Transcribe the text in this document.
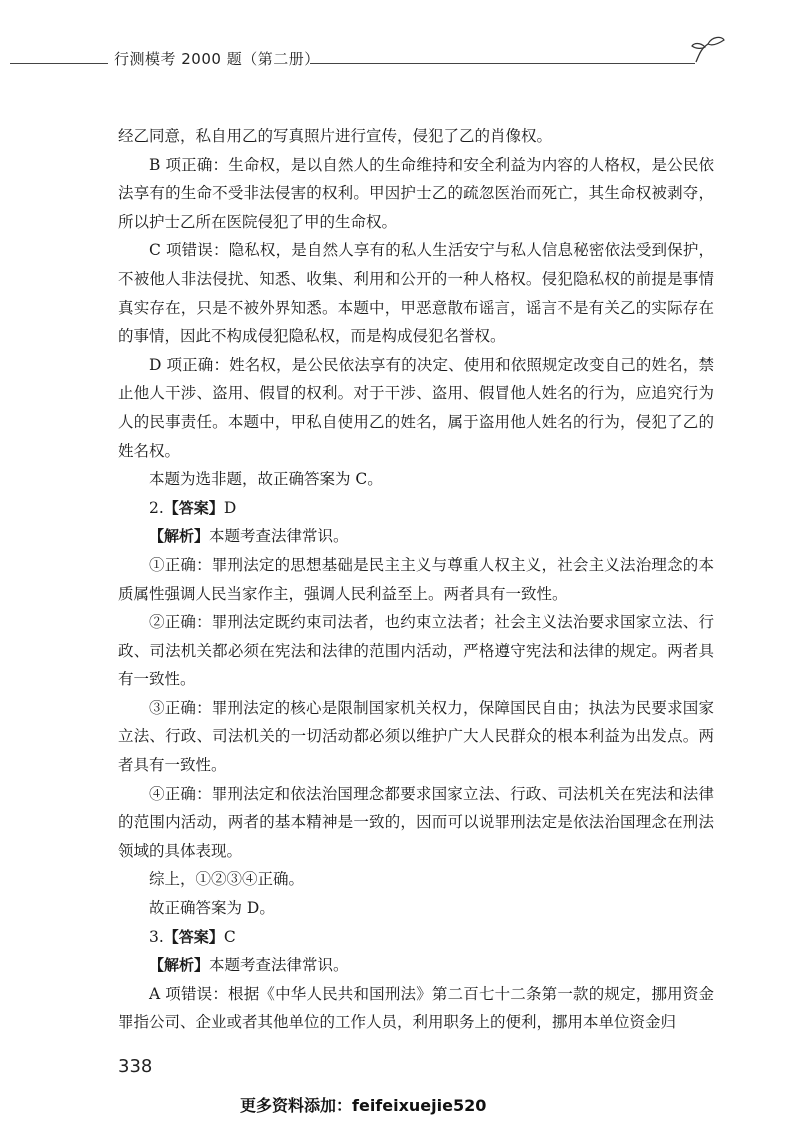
行测模考 2000 题（第二册）

经乙同意，私自用乙的写真照片进行宣传，侵犯了乙的肖像权。

B 项正确：生命权，是以自然人的生命维持和安全利益为内容的人格权，是公民依法享有的生命不受非法侵害的权利。甲因护士乙的疏忽医治而死亡，其生命权被剥夺，所以护士乙所在医院侵犯了甲的生命权。

C 项错误：隐私权，是自然人享有的私人生活安宁与私人信息秘密依法受到保护，不被他人非法侵扰、知悉、收集、利用和公开的一种人格权。侵犯隐私权的前提是事情真实存在，只是不被外界知悉。本题中，甲恶意散布谣言，谣言不是有关乙的实际存在的事情，因此不构成侵犯隐私权，而是构成侵犯名誉权。

D 项正确：姓名权，是公民依法享有的决定、使用和依照规定改变自己的姓名，禁止他人干涉、盗用、假冒的权利。对于干涉、盗用、假冒他人姓名的行为，应追究行为人的民事责任。本题中，甲私自使用乙的姓名，属于盗用他人姓名的行为，侵犯了乙的姓名权。

本题为选非题，故正确答案为 C。

2.【答案】D

【解析】本题考查法律常识。

①正确：罪刑法定的思想基础是民主主义与尊重人权主义，社会主义法治理念的本质属性强调人民当家作主，强调人民利益至上。两者具有一致性。

②正确：罪刑法定既约束司法者，也约束立法者；社会主义法治要求国家立法、行政、司法机关都必须在宪法和法律的范围内活动，严格遵守宪法和法律的规定。两者具有一致性。

③正确：罪刑法定的核心是限制国家机关权力，保障国民自由；执法为民要求国家立法、行政、司法机关的一切活动都必须以维护广大人民群众的根本利益为出发点。两者具有一致性。

④正确：罪刑法定和依法治国理念都要求国家立法、行政、司法机关在宪法和法律的范围内活动，两者的基本精神是一致的，因而可以说罪刑法定是依法治国理念在刑法领域的具体表现。

综上，①②③④正确。

故正确答案为 D。

3.【答案】C

【解析】本题考查法律常识。

A 项错误：根据《中华人民共和国刑法》第二百七十二条第一款的规定，挪用资金罪指公司、企业或者其他单位的工作人员，利用职务上的便利，挪用本单位资金归

338
更多资料添加：feifeixuejie520
